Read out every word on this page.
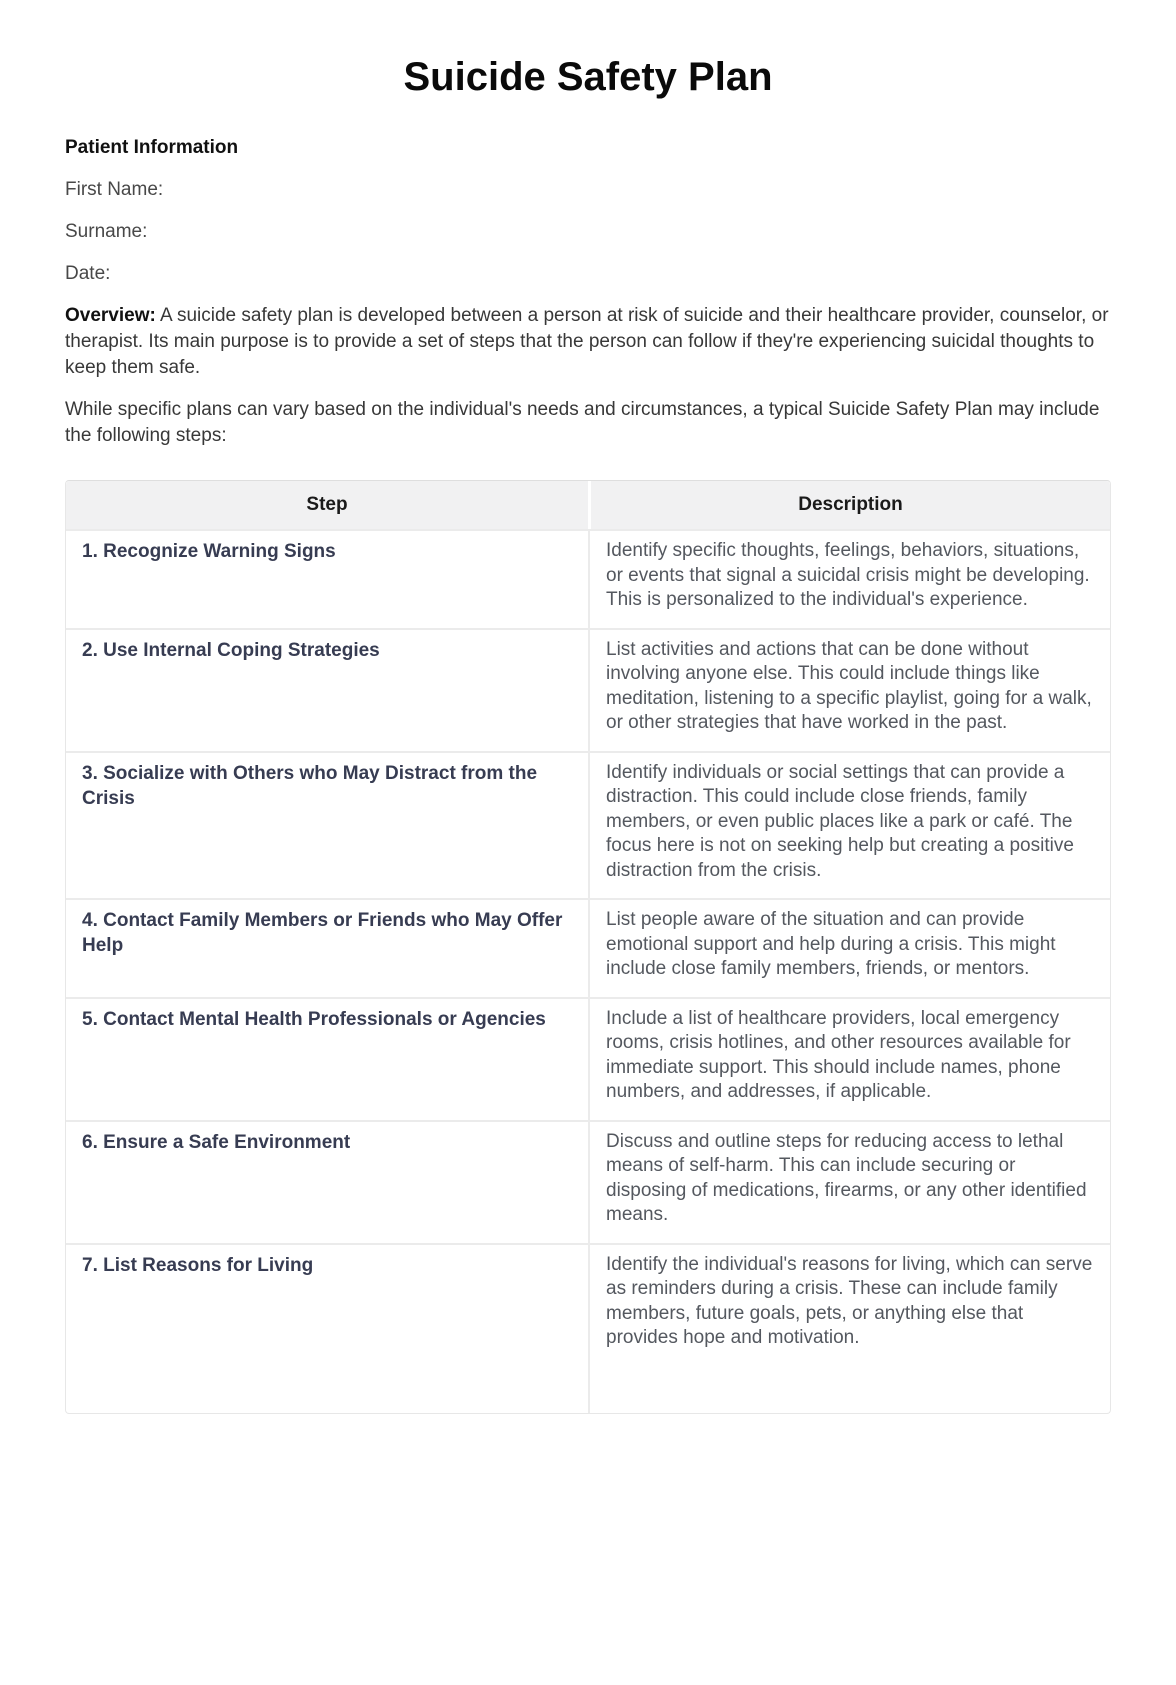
Suicide Safety Plan

Patient Information

First Name:

Surname:

Date:

Overview: A suicide safety plan is developed between a person at risk of suicide and their healthcare provider, counselor, or therapist. Its main purpose is to provide a set of steps that the person can follow if they're experiencing suicidal thoughts to keep them safe.

While specific plans can vary based on the individual's needs and circumstances, a typical Suicide Safety Plan may include the following steps:

Step	Description
1. Recognize Warning Signs	Identify specific thoughts, feelings, behaviors, situations, or events that signal a suicidal crisis might be developing. This is personalized to the individual's experience.
2. Use Internal Coping Strategies	List activities and actions that can be done without involving anyone else. This could include things like meditation, listening to a specific playlist, going for a walk, or other strategies that have worked in the past.
3. Socialize with Others who May Distract from the Crisis	Identify individuals or social settings that can provide a distraction. This could include close friends, family members, or even public places like a park or café. The focus here is not on seeking help but creating a positive distraction from the crisis.
4. Contact Family Members or Friends who May Offer Help	List people aware of the situation and can provide emotional support and help during a crisis. This might include close family members, friends, or mentors.
5. Contact Mental Health Professionals or Agencies	Include a list of healthcare providers, local emergency rooms, crisis hotlines, and other resources available for immediate support. This should include names, phone numbers, and addresses, if applicable.
6. Ensure a Safe Environment	Discuss and outline steps for reducing access to lethal means of self-harm. This can include securing or disposing of medications, firearms, or any other identified means.
7. List Reasons for Living	Identify the individual's reasons for living, which can serve as reminders during a crisis. These can include family members, future goals, pets, or anything else that provides hope and motivation.
